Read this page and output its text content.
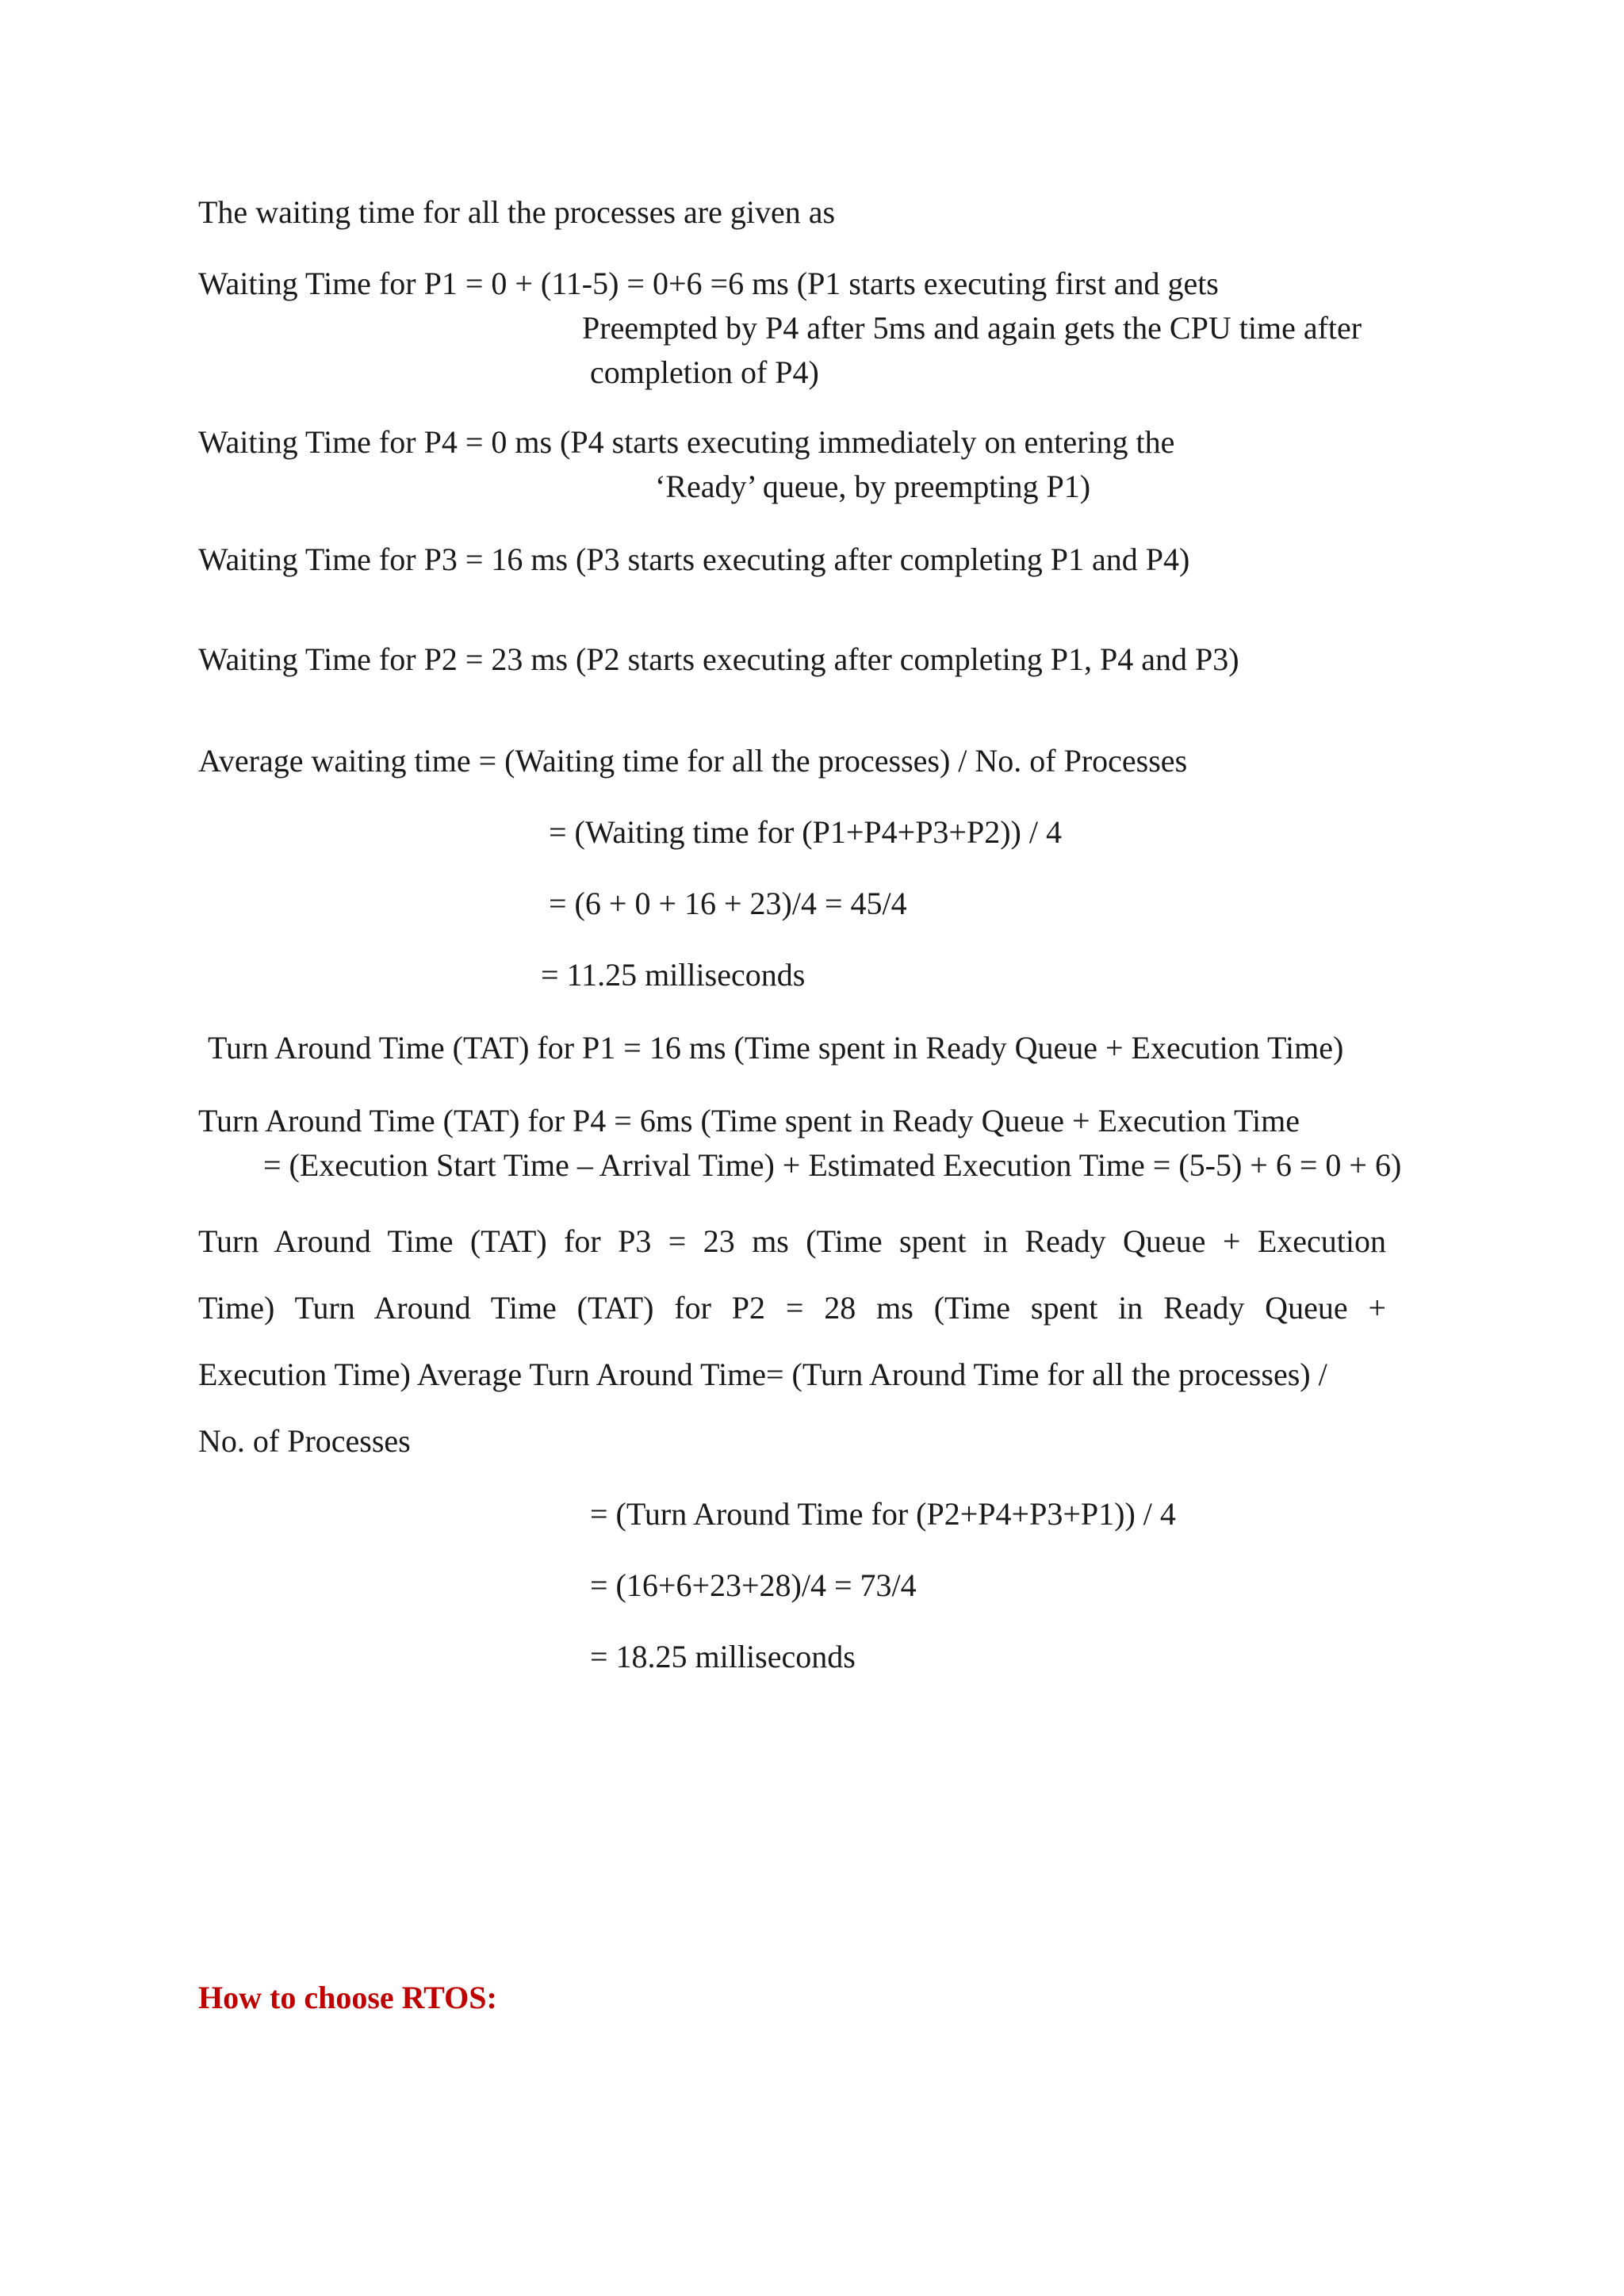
The waiting time for all the processes are given as
Waiting Time for P1 = 0 + (11-5) = 0+6 =6 ms (P1 starts executing first and gets
Preempted by P4 after 5ms and again gets the CPU time after
completion of P4)
Waiting Time for P4 = 0 ms (P4 starts executing immediately on entering the
‘Ready’ queue, by preempting P1)
Waiting Time for P3 = 16 ms (P3 starts executing after completing P1 and P4)
Waiting Time for P2 = 23 ms (P2 starts executing after completing P1, P4 and P3)
Average waiting time = (Waiting time for all the processes) / No. of Processes
= (Waiting time for (P1+P4+P3+P2)) / 4
= (6 + 0 + 16 + 23)/4 = 45/4
= 11.25 milliseconds
Turn Around Time (TAT) for P1 = 16 ms (Time spent in Ready Queue + Execution Time)
Turn Around Time (TAT) for P4 = 6ms (Time spent in Ready Queue + Execution Time
= (Execution Start Time – Arrival Time) + Estimated Execution Time = (5-5) + 6 = 0 + 6)
Turn Around Time (TAT) for P3 = 23 ms (Time spent in Ready Queue + Execution
Time) Turn Around Time (TAT) for P2 = 28 ms (Time spent in Ready Queue +
Execution Time) Average Turn Around Time= (Turn Around Time for all the processes) /
No. of Processes
= (Turn Around Time for (P2+P4+P3+P1)) / 4
= (16+6+23+28)/4 = 73/4
= 18.25 milliseconds
How to choose RTOS:
